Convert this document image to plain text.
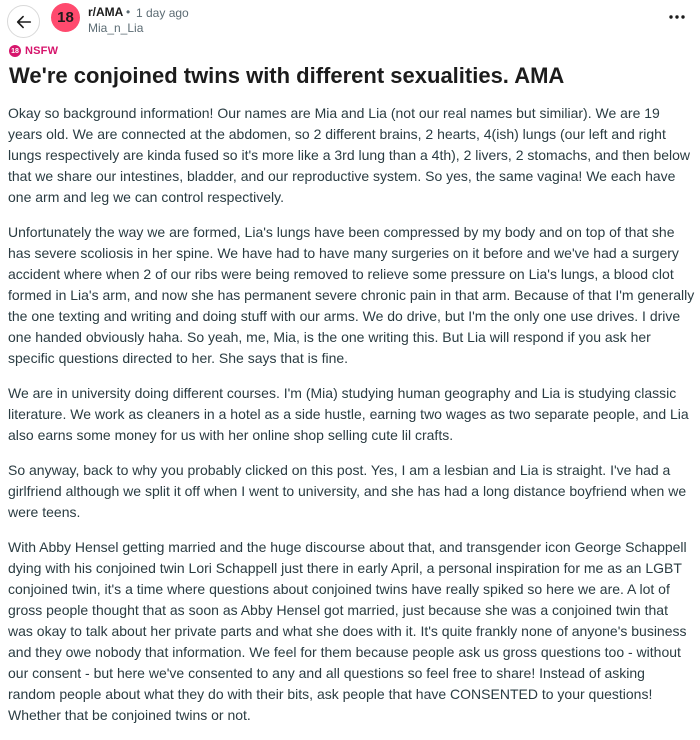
18	r/AMA • 1 day ago
Mia_n_Lia
18 NSFW
We're conjoined twins with different sexualities. AMA

Okay so background information! Our names are Mia and Lia (not our real names but similiar). We are 19 years old. We are connected at the abdomen, so 2 different brains, 2 hearts, 4(ish) lungs (our left and right lungs respectively are kinda fused so it's more like a 3rd lung than a 4th), 2 livers, 2 stomachs, and then below that we share our intestines, bladder, and our reproductive system. So yes, the same vagina! We each have one arm and leg we can control respectively.

Unfortunately the way we are formed, Lia's lungs have been compressed by my body and on top of that she has severe scoliosis in her spine. We have had to have many surgeries on it before and we've had a surgery accident where when 2 of our ribs were being removed to relieve some pressure on Lia's lungs, a blood clot formed in Lia's arm, and now she has permanent severe chronic pain in that arm. Because of that I'm generally the one texting and writing and doing stuff with our arms. We do drive, but I'm the only one use drives. I drive one handed obviously haha. So yeah, me, Mia, is the one writing this. But Lia will respond if you ask her specific questions directed to her. She says that is fine.

We are in university doing different courses. I'm (Mia) studying human geography and Lia is studying classic literature. We work as cleaners in a hotel as a side hustle, earning two wages as two separate people, and Lia also earns some money for us with her online shop selling cute lil crafts.

So anyway, back to why you probably clicked on this post. Yes, I am a lesbian and Lia is straight. I've had a girlfriend although we split it off when I went to university, and she has had a long distance boyfriend when we were teens.

With Abby Hensel getting married and the huge discourse about that, and transgender icon George Schappell dying with his conjoined twin Lori Schappell just there in early April, a personal inspiration for me as an LGBT conjoined twin, it's a time where questions about conjoined twins have really spiked so here we are. A lot of gross people thought that as soon as Abby Hensel got married, just because she was a conjoined twin that was okay to talk about her private parts and what she does with it. It's quite frankly none of anyone's business and they owe nobody that information. We feel for them because people ask us gross questions too - without our consent - but here we've consented to any and all questions so feel free to share! Instead of asking random people about what they do with their bits, ask people that have CONSENTED to your questions! Whether that be conjoined twins or not.
